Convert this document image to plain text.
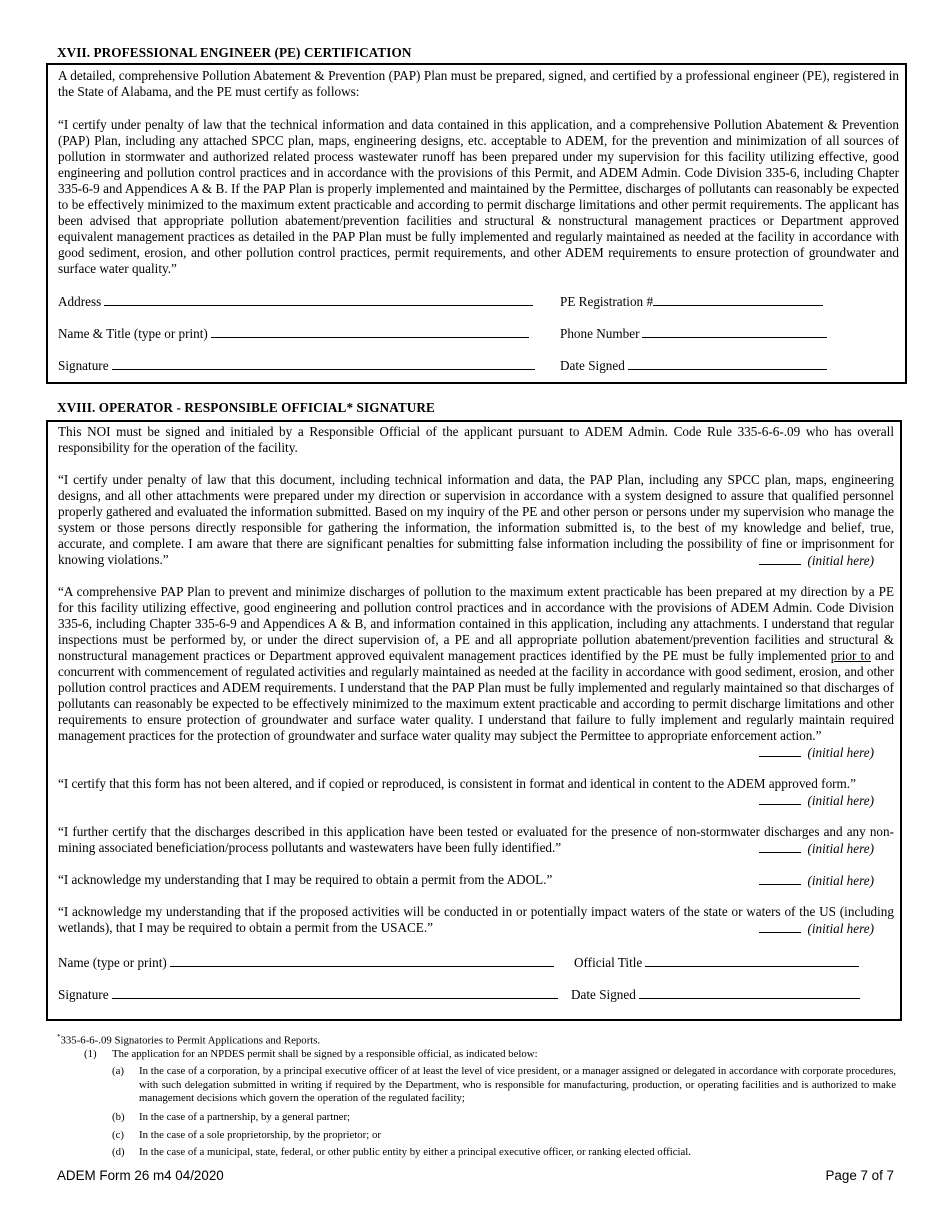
XVII. PROFESSIONAL ENGINEER (PE) CERTIFICATION

A detailed, comprehensive Pollution Abatement & Prevention (PAP) Plan must be prepared, signed, and certified by a professional engineer (PE), registered in the State of Alabama, and the PE must certify as follows:

“I certify under penalty of law that the technical information and data contained in this application, and a comprehensive Pollution Abatement & Prevention (PAP) Plan, including any attached SPCC plan, maps, engineering designs, etc. acceptable to ADEM, for the prevention and minimization of all sources of pollution in stormwater and authorized related process wastewater runoff has been prepared under my supervision for this facility utilizing effective, good engineering and pollution control practices and in accordance with the provisions of this Permit, and ADEM Admin. Code Division 335-6, including Chapter 335-6-9 and Appendices A & B. If the PAP Plan is properly implemented and maintained by the Permittee, discharges of pollutants can reasonably be expected to be effectively minimized to the maximum extent practicable and according to permit discharge limitations and other permit requirements. The applicant has been advised that appropriate pollution abatement/prevention facilities and structural & nonstructural management practices or Department approved equivalent management practices as detailed in the PAP Plan must be fully implemented and regularly maintained as needed at the facility in accordance with good sediment, erosion, and other pollution control practices, permit requirements, and other ADEM requirements to ensure protection of groundwater and surface water quality.”

Address	PE Registration #
Name & Title (type or print)	Phone Number
Signature	Date Signed
XVIII. OPERATOR - RESPONSIBLE OFFICIAL* SIGNATURE

This NOI must be signed and initialed by a Responsible Official of the applicant pursuant to ADEM Admin. Code Rule 335-6-6-.09 who has overall responsibility for the operation of the facility.

“I certify under penalty of law that this document, including technical information and data, the PAP Plan, including any SPCC plan, maps, engineering designs, and all other attachments were prepared under my direction or supervision in accordance with a system designed to assure that qualified personnel properly gathered and evaluated the information submitted. Based on my inquiry of the PE and other person or persons under my supervision who manage the system or those persons directly responsible for gathering the information, the information submitted is, to the best of my knowledge and belief, true, accurate, and complete. I am aware that there are significant penalties for submitting false information including the possibility of fine or imprisonment for knowing violations.”	(initial here)

“A comprehensive PAP Plan to prevent and minimize discharges of pollution to the maximum extent practicable has been prepared at my direction by a PE for this facility utilizing effective, good engineering and pollution control practices and in accordance with the provisions of ADEM Admin. Code Division 335-6, including Chapter 335-6-9 and Appendices A & B, and information contained in this application, including any attachments. I understand that regular inspections must be performed by, or under the direct supervision of, a PE and all appropriate pollution abatement/prevention facilities and structural & nonstructural management practices or Department approved equivalent management practices identified by the PE must be fully implemented prior to and concurrent with commencement of regulated activities and regularly maintained as needed at the facility in accordance with good sediment, erosion, and other pollution control practices and ADEM requirements. I understand that the PAP Plan must be fully implemented and regularly maintained so that discharges of pollutants can reasonably be expected to be effectively minimized to the maximum extent practicable and according to permit discharge limitations and other requirements to ensure protection of groundwater and surface water quality. I understand that failure to fully implement and regularly maintain required management practices for the protection of groundwater and surface water quality may subject the Permittee to appropriate enforcement action.”

(initial here)

“I certify that this form has not been altered, and if copied or reproduced, is consistent in format and identical in content to the ADEM approved form.”

(initial here)

“I further certify that the discharges described in this application have been tested or evaluated for the presence of non-stormwater discharges and any non-mining associated beneficiation/process pollutants and wastewaters have been fully identified.”	(initial here)

“I acknowledge my understanding that I may be required to obtain a permit from the ADOL.”	(initial here)

“I acknowledge my understanding that if the proposed activities will be conducted in or potentially impact waters of the state or waters of the US (including wetlands), that I may be required to obtain a permit from the USACE.”	(initial here)
Name (type or print)	Official Title
Signature	Date Signed
*335-6-6-.09 Signatories to Permit Applications and Reports.
(1) The application for an NPDES permit shall be signed by a responsible official, as indicated below:
(a) In the case of a corporation, by a principal executive officer of at least the level of vice president, or a manager assigned or delegated in accordance with corporate procedures, with such delegation submitted in writing if required by the Department, who is responsible for manufacturing, production, or operating facilities and is authorized to make management decisions which govern the operation of the regulated facility;
(b) In the case of a partnership, by a general partner;
(c) In the case of a sole proprietorship, by the proprietor; or
(d) In the case of a municipal, state, federal, or other public entity by either a principal executive officer, or ranking elected official.
ADEM Form 26 m4 04/2020	Page 7 of 7
